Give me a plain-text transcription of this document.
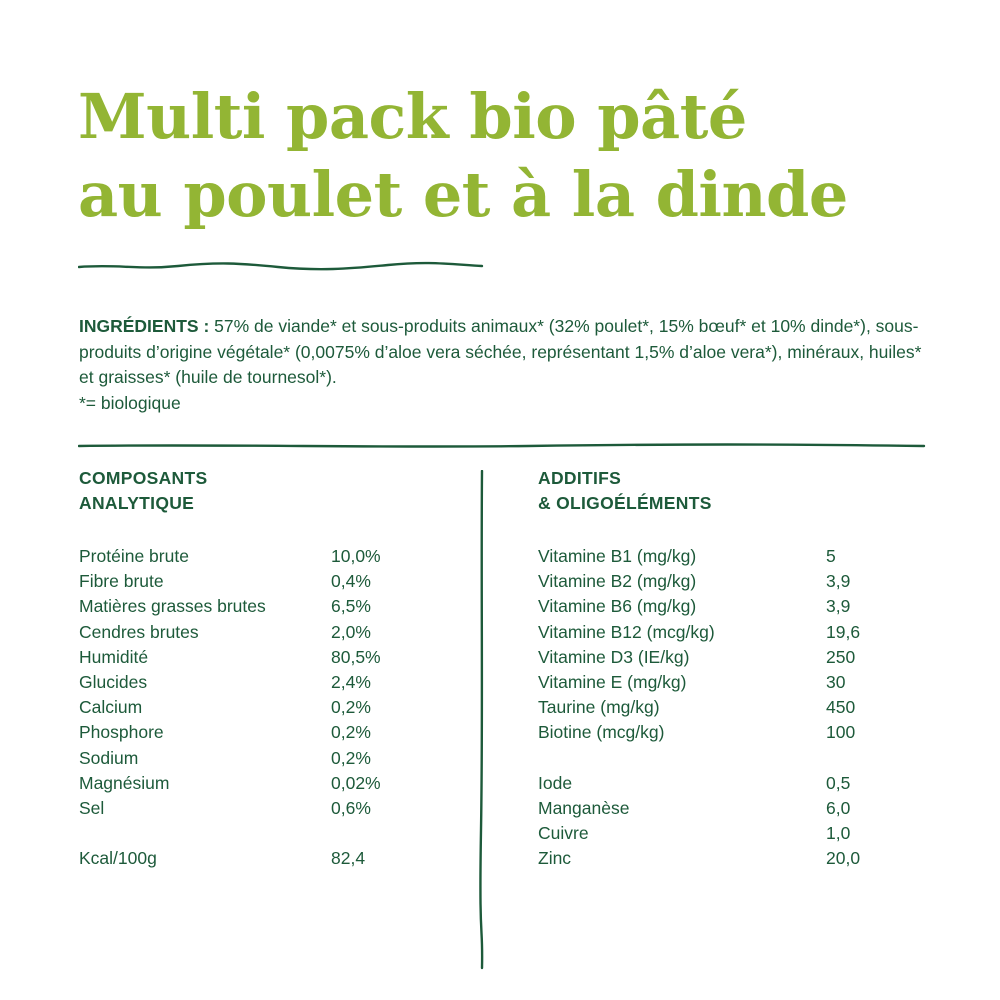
Multi pack bio pâté
au poulet et à la dinde
INGRÉDIENTS : 57% de viande* et sous-produits animaux* (32% poulet*, 15% bœuf* et 10% dinde*), sous-produits d’origine végétale* (0,0075% d’aloe vera séchée, représentant 1,5% d’aloe vera*), minéraux, huiles* et graisses* (huile de tournesol*).
*= biologique
COMPOSANTS
ANALYTIQUE
Protéine brute	10,0%
Fibre brute	0,4%
Matières grasses brutes	6,5%
Cendres brutes	2,0%
Humidité	80,5%
Glucides	2,4%
Calcium	0,2%
Phosphore	0,2%
Sodium	0,2%
Magnésium	0,02%
Sel	0,6%
Kcal/100g	82,4
ADDITIFS
& OLIGOÉLÉMENTS
Vitamine B1 (mg/kg)	5
Vitamine B2 (mg/kg)	3,9
Vitamine B6 (mg/kg)	3,9
Vitamine B12 (mcg/kg)	19,6
Vitamine D3 (IE/kg)	250
Vitamine E (mg/kg)	30
Taurine (mg/kg)	450
Biotine (mcg/kg)	100
Iode	0,5
Manganèse	6,0
Cuivre	1,0
Zinc	20,0
